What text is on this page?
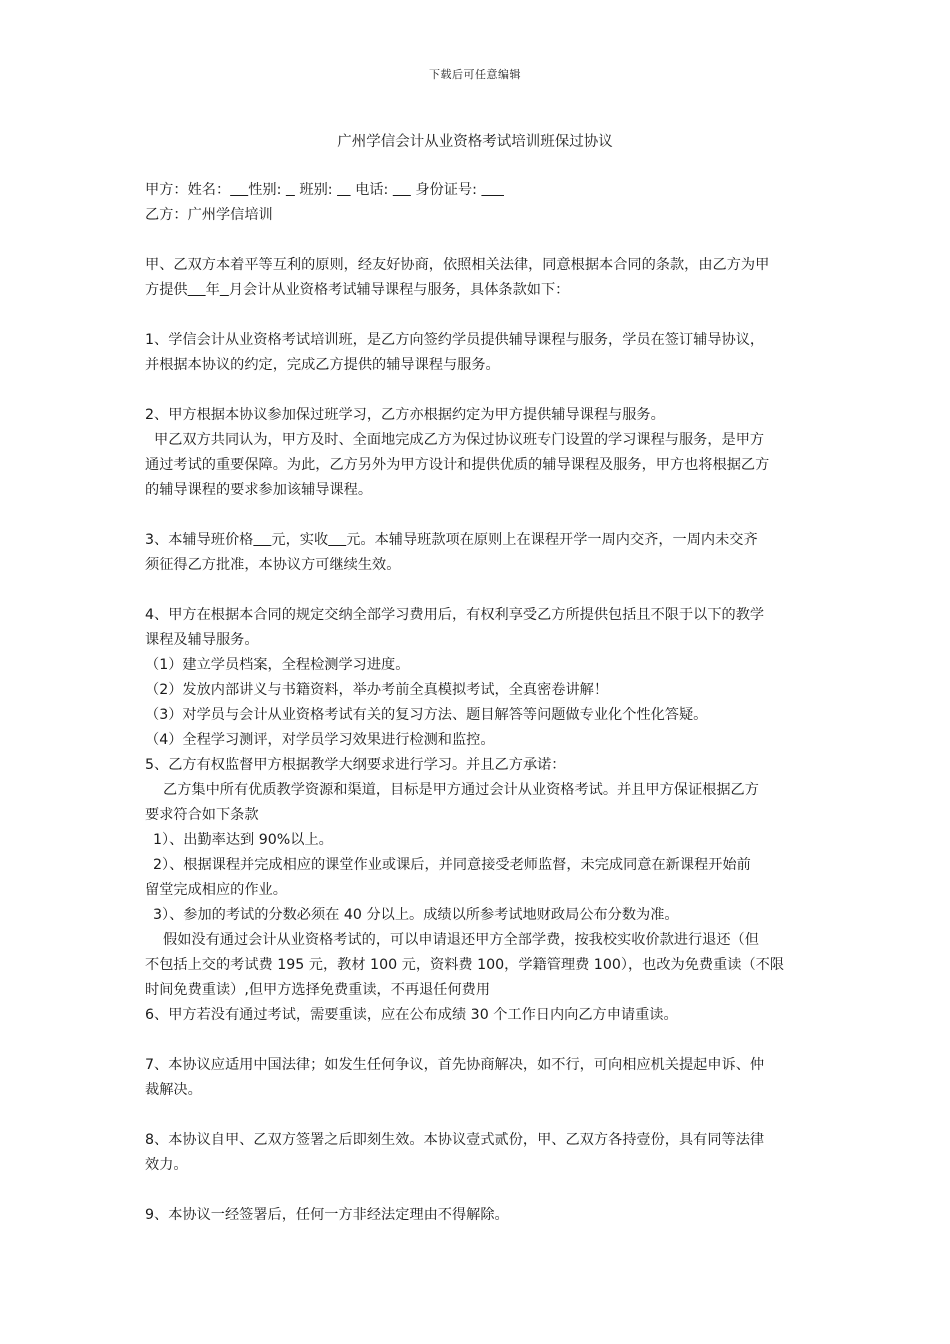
下载后可任意编辑
广州学信会计从业资格考试培训班保过协议

甲方：姓名： 性别:    班别:     电话:      身份证号:

乙方：广州学信培训

甲、乙双方本着平等互利的原则，经友好协商，依照相关法律，同意根据本合同的条款，由乙方为甲

方提供 年 月会计从业资格考试辅导课程与服务，具体条款如下：

1、学信会计从业资格考试培训班，是乙方向签约学员提供辅导课程与服务，学员在签订辅导协议，

并根据本协议的约定，完成乙方提供的辅导课程与服务。

2、甲方根据本协议参加保过班学习，乙方亦根据约定为甲方提供辅导课程与服务。

甲乙双方共同认为，甲方及时、全面地完成乙方为保过协议班专门设置的学习课程与服务，是甲方

通过考试的重要保障。为此，乙方另外为甲方设计和提供优质的辅导课程及服务，甲方也将根据乙方

的辅导课程的要求参加该辅导课程。

3、本辅导班价格 元，实收 元。本辅导班款项在原则上在课程开学一周内交齐，一周内未交齐

须征得乙方批准，本协议方可继续生效。

4、甲方在根据本合同的规定交纳全部学习费用后，有权利享受乙方所提供包括且不限于以下的教学

课程及辅导服务。

（1）建立学员档案，全程检测学习进度。

（2）发放内部讲义与书籍资料，举办考前全真模拟考试，全真密卷讲解！

（3）对学员与会计从业资格考试有关的复习方法、题目解答等问题做专业化个性化答疑。

（4）全程学习测评，对学员学习效果进行检测和监控。

5、乙方有权监督甲方根据教学大纲要求进行学习。并且乙方承诺：

乙方集中所有优质教学资源和渠道，目标是甲方通过会计从业资格考试。并且甲方保证根据乙方

要求符合如下条款

1）、出勤率达到 90%以上。

2）、根据课程并完成相应的课堂作业或课后，并同意接受老师监督，未完成同意在新课程开始前

留堂完成相应的作业。

3）、参加的考试的分数必须在 40 分以上。成绩以所参考试地财政局公布分数为准。

假如没有通过会计从业资格考试的，可以申请退还甲方全部学费，按我校实收价款进行退还（但

不包括上交的考试费 195 元，教材 100 元，资料费 100，学籍管理费 100），也改为免费重读（不限

时间免费重读）,但甲方选择免费重读，不再退任何费用

6、甲方若没有通过考试，需要重读，应在公布成绩 30 个工作日内向乙方申请重读。

7、本协议应适用中国法律；如发生任何争议，首先协商解决，如不行，可向相应机关提起申诉、仲

裁解决。

8、本协议自甲、乙双方签署之后即刻生效。本协议壹式贰份，甲、乙双方各持壹份，具有同等法律

效力。

9、本协议一经签署后，任何一方非经法定理由不得解除。
